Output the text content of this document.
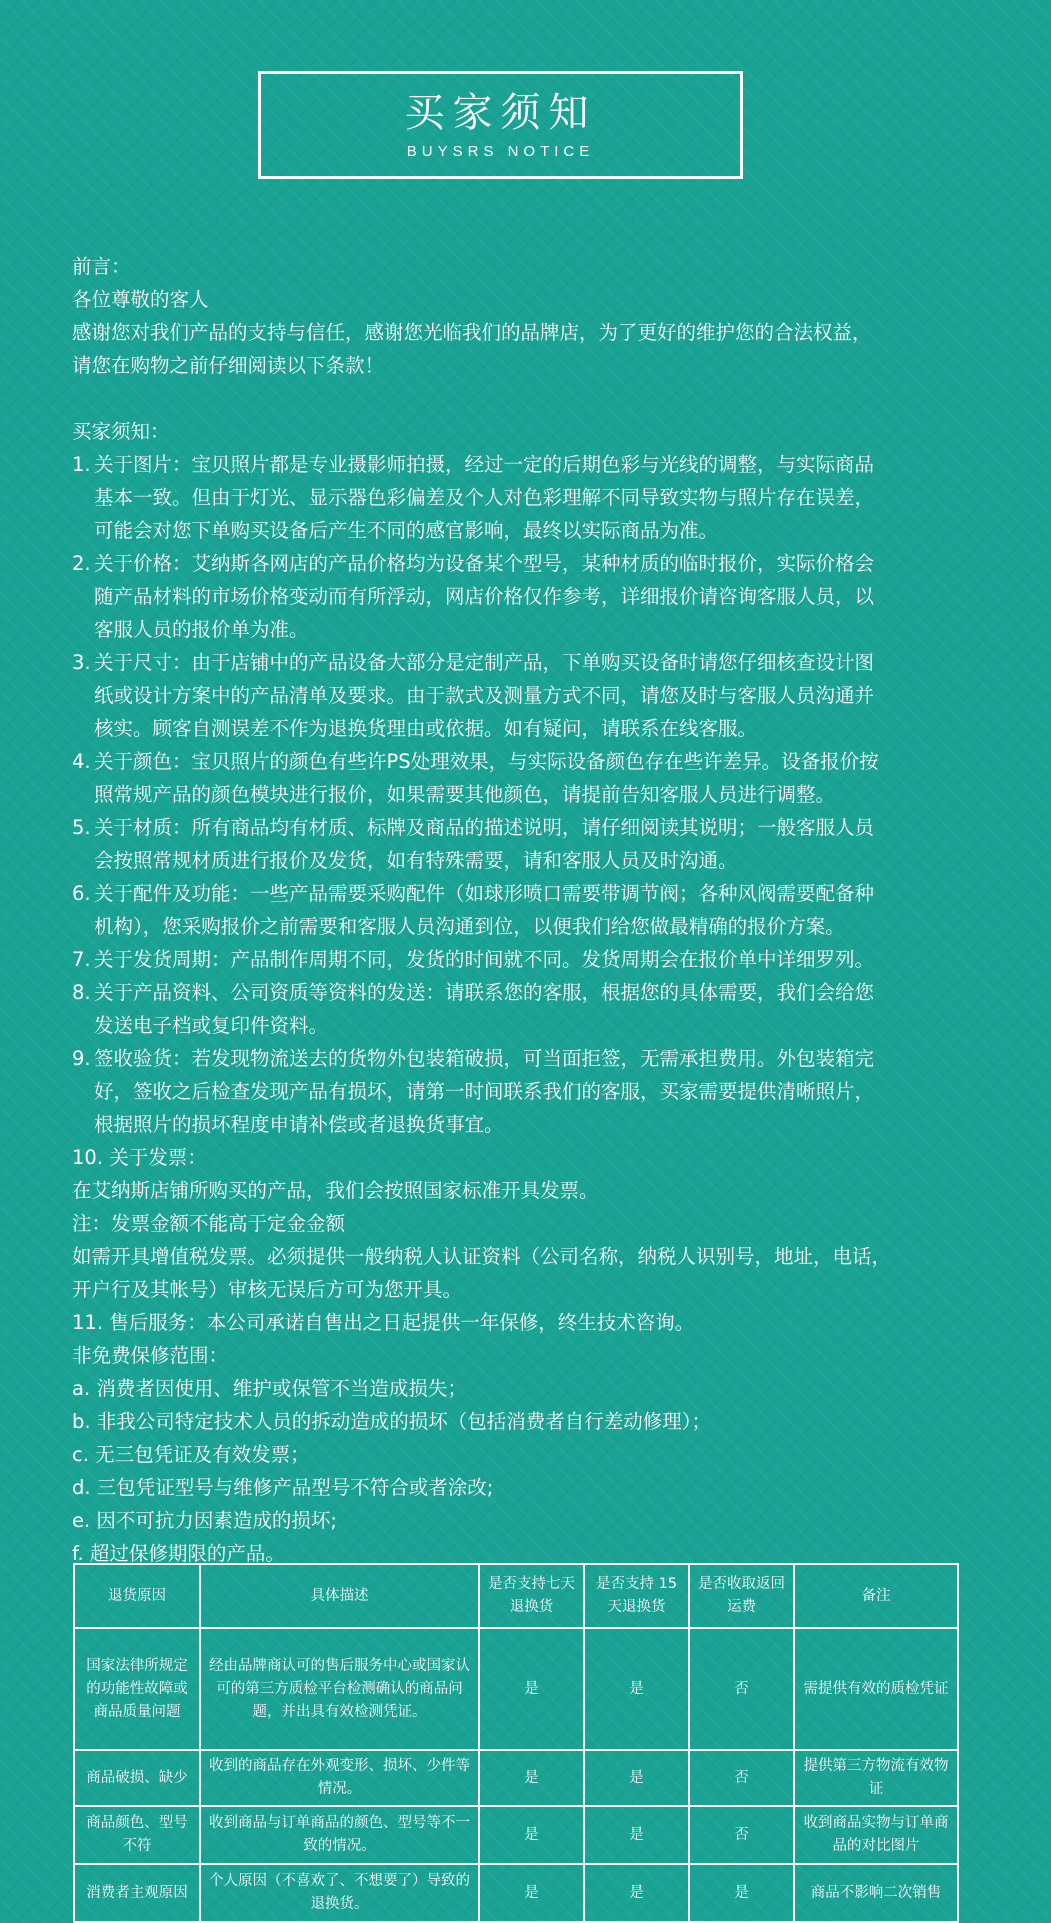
买家须知
BUYSRS NOTICE

前言：

各位尊敬的客人

感谢您对我们产品的支持与信任，感谢您光临我们的品牌店，为了更好的维护您的合法权益，

请您在购物之前仔细阅读以下条款！

买家须知：

1. 关于图片：宝贝照片都是专业摄影师拍摄，经过一定的后期色彩与光线的调整，与实际商品
基本一致。但由于灯光、显示器色彩偏差及个人对色彩理解不同导致实物与照片存在误差，
可能会对您下单购买设备后产生不同的感官影响，最终以实际商品为准。
2. 关于价格：艾纳斯各网店的产品价格均为设备某个型号，某种材质的临时报价，实际价格会
随产品材料的市场价格变动而有所浮动，网店价格仅作参考，详细报价请咨询客服人员，以
客服人员的报价单为准。
3. 关于尺寸：由于店铺中的产品设备大部分是定制产品，下单购买设备时请您仔细核查设计图
纸或设计方案中的产品清单及要求。由于款式及测量方式不同，请您及时与客服人员沟通并
核实。顾客自测误差不作为退换货理由或依据。如有疑问，请联系在线客服。
4. 关于颜色：宝贝照片的颜色有些许PS处理效果，与实际设备颜色存在些许差异。设备报价按
照常规产品的颜色模块进行报价，如果需要其他颜色，请提前告知客服人员进行调整。
5. 关于材质：所有商品均有材质、标牌及商品的描述说明，请仔细阅读其说明；一般客服人员
会按照常规材质进行报价及发货，如有特殊需要，请和客服人员及时沟通。
6. 关于配件及功能：一些产品需要采购配件（如球形喷口需要带调节阀；各种风阀需要配备种
机构），您采购报价之前需要和客服人员沟通到位，以便我们给您做最精确的报价方案。
7. 关于发货周期：产品制作周期不同，发货的时间就不同。发货周期会在报价单中详细罗列。
8. 关于产品资料、公司资质等资料的发送：请联系您的客服，根据您的具体需要，我们会给您
发送电子档或复印件资料。
9. 签收验货：若发现物流送去的货物外包装箱破损，可当面拒签，无需承担费用。外包装箱完
好，签收之后检查发现产品有损坏，请第一时间联系我们的客服，买家需要提供清晰照片，
根据照片的损坏程度申请补偿或者退换货事宜。

10. 关于发票：

在艾纳斯店铺所购买的产品，我们会按照国家标准开具发票。

注：发票金额不能高于定金金额

如需开具增值税发票。必须提供一般纳税人认证资料（公司名称，纳税人识别号，地址，电话，

开户行及其帐号）审核无误后方可为您开具。

11. 售后服务：本公司承诺自售出之日起提供一年保修，终生技术咨询。

非免费保修范围：

a. 消费者因使用、维护或保管不当造成损失；

b. 非我公司特定技术人员的拆动造成的损坏（包括消费者自行差动修理）；

c. 无三包凭证及有效发票；

d. 三包凭证型号与维修产品型号不符合或者涂改;

e. 因不可抗力因素造成的损坏;

f. 超过保修期限的产品。

退货原因	具体描述	是否支持七天退换货	是否支持 15 天退换货	是否收取返回运费	备注
国家法律所规定的功能性故障或商品质量问题	经由品牌商认可的售后服务中心或国家认可的第三方质检平台检测确认的商品问题，并出具有效检测凭证。	是	是	否	需提供有效的质检凭证
商品破损、缺少	收到的商品存在外观变形、损坏、少件等情况。	是	是	否	提供第三方物流有效物证
商品颜色、型号不符	收到商品与订单商品的颜色、型号等不一致的情况。	是	是	否	收到商品实物与订单商品的对比图片
消费者主观原因	个人原因（不喜欢了、不想要了）导致的退换货。	是	是	是	商品不影响二次销售
